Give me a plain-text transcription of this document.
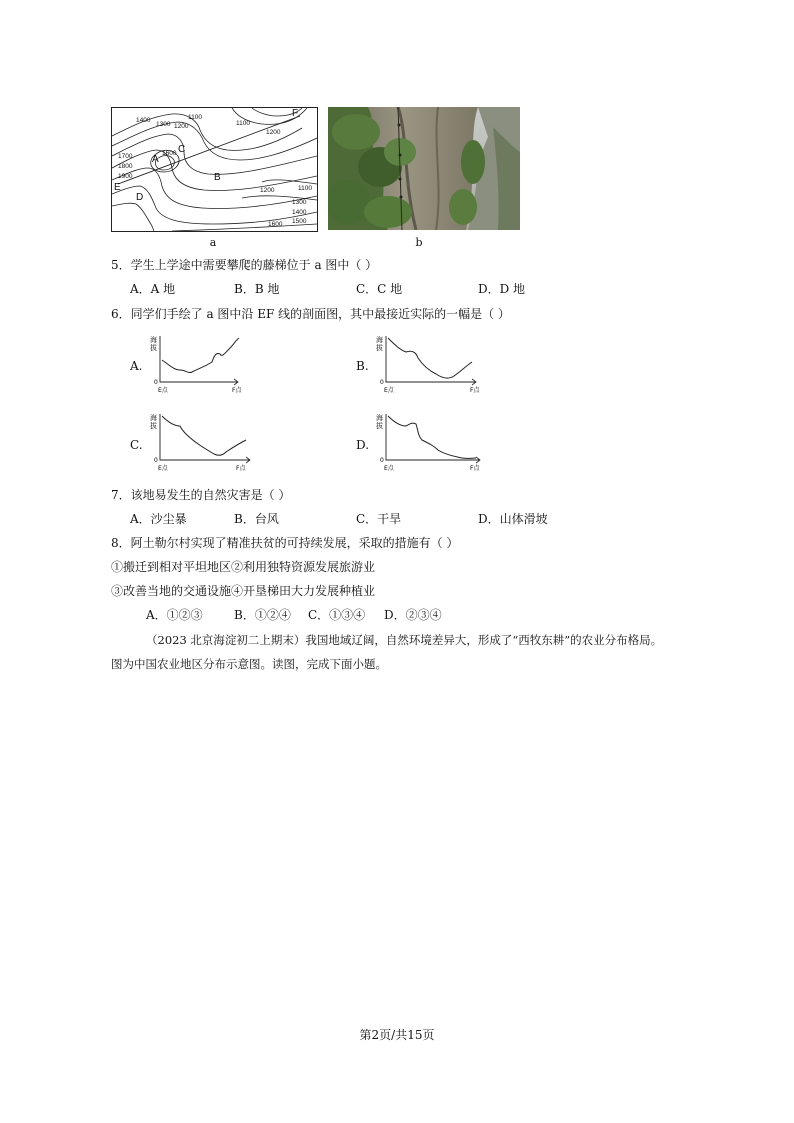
1400
1300 1200
1100
1100
1200
1700
1800
1900
1600
1200	1100
1300
1400
1500
1600
A
B
C
D
E
F
a	b
5．学生上学途中需要攀爬的藤梯位于 a 图中（ ）
A．A 地	B．B 地	C．C 地	D．D 地
6．同学们手绘了 a 图中沿 EF 线的剖面图，其中最接近实际的一幅是（ ）
A.	B.
C.	D.
海
拔
0
E点	F点
海
拔
0
E点	F点
海
拔
0
E点	F点
海
拔
0
E点	F点
7．该地易发生的自然灾害是（ ）
A．沙尘暴	B．台风	C．干旱	D．山体滑坡
8．阿土勒尔村实现了精准扶贫的可持续发展，采取的措施有（ ）
①搬迁到相对平坦地区②利用独特资源发展旅游业
③改善当地的交通设施④开垦梯田大力发展种植业
A．①②③	B．①②④ C．①③④ D．②③④
（2023 北京海淀初二上期末）我国地域辽阔，自然环境差异大，形成了“西牧东耕”的农业分布格局。
图为中国农业地区分布示意图。读图，完成下面小题。
第2页/共15页
